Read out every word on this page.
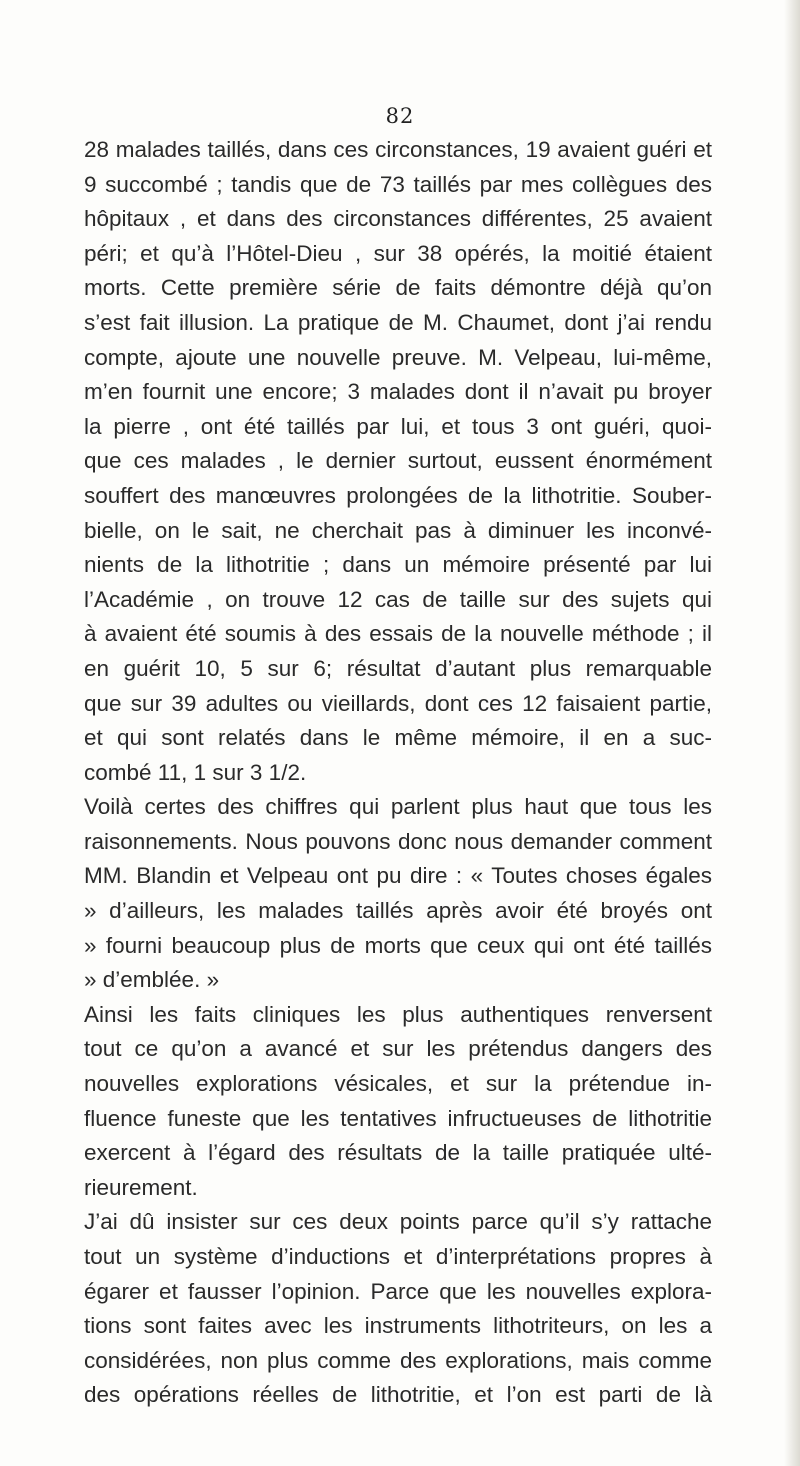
82
28 malades taillés, dans ces circonstances, 19 avaient guéri et
9 succombé ; tandis que de 73 taillés par mes collègues des
hôpitaux , et dans des circonstances différentes, 25 avaient
péri; et qu’à l’Hôtel-Dieu , sur 38 opérés, la moitié étaient
morts. Cette première série de faits démontre déjà qu’on
s’est fait illusion. La pratique de M. Chaumet, dont j’ai rendu
compte, ajoute une nouvelle preuve. M. Velpeau, lui-même,
m’en fournit une encore; 3 malades dont il n’avait pu broyer
la pierre , ont été taillés par lui, et tous 3 ont guéri, quoi-
que ces malades , le dernier surtout, eussent énormément
souffert des manœuvres prolongées de la lithotritie. Souber-
bielle, on le sait, ne cherchait pas à diminuer les inconvé-
nients de la lithotritie ; dans un mémoire présenté par lui
l’Académie , on trouve 12 cas de taille sur des sujets qui
à avaient été soumis à des essais de la nouvelle méthode ; il
en guérit 10, 5 sur 6; résultat d’autant plus remarquable
que sur 39 adultes ou vieillards, dont ces 12 faisaient partie,
et qui sont relatés dans le même mémoire, il en a suc-
combé 11, 1 sur 3 1/2.
Voilà certes des chiffres qui parlent plus haut que tous les
raisonnements. Nous pouvons donc nous demander comment
MM. Blandin et Velpeau ont pu dire : « Toutes choses égales
» d’ailleurs, les malades taillés après avoir été broyés ont
» fourni beaucoup plus de morts que ceux qui ont été taillés
» d’emblée. »
Ainsi les faits cliniques les plus authentiques renversent
tout ce qu’on a avancé et sur les prétendus dangers des
nouvelles explorations vésicales, et sur la prétendue in-
fluence funeste que les tentatives infructueuses de lithotritie
exercent à l’égard des résultats de la taille pratiquée ulté-
rieurement.
J’ai dû insister sur ces deux points parce qu’il s’y rattache
tout un système d’inductions et d’interprétations propres à
égarer et fausser l’opinion. Parce que les nouvelles explora-
tions sont faites avec les instruments lithotriteurs, on les a
considérées, non plus comme des explorations, mais comme
des opérations réelles de lithotritie, et l’on est parti de là
